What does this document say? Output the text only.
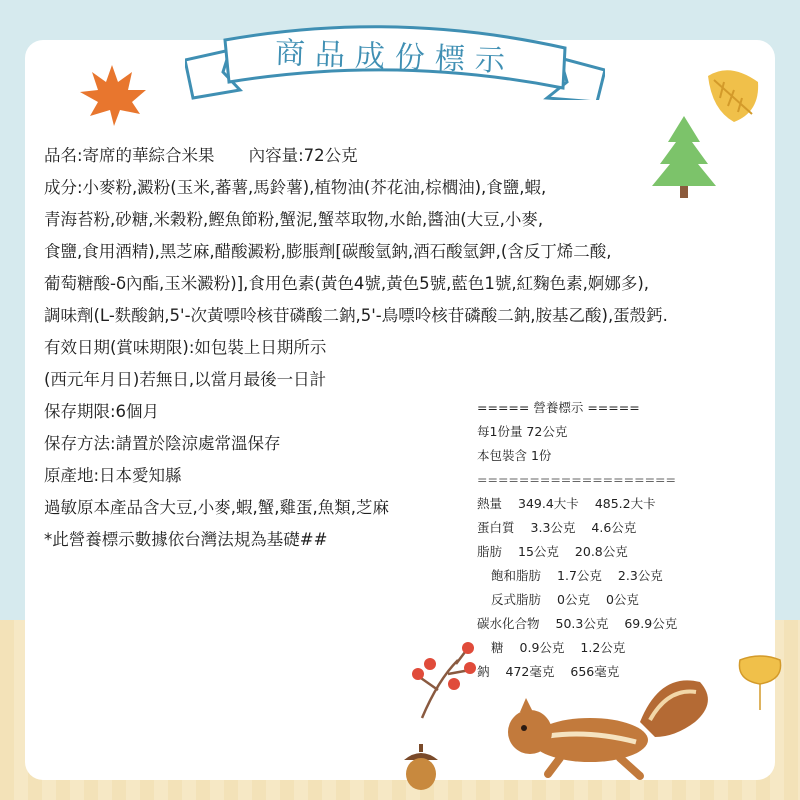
商品成份標示
品名:寄席的華綜合米果 內容量:72公克
成分:小麥粉,澱粉(玉米,蕃薯,馬鈴薯),植物油(芥花油,棕櫚油),食鹽,蝦,
青海苔粉,砂糖,米穀粉,鰹魚節粉,蟹泥,蟹萃取物,水飴,醬油(大豆,小麥,
食鹽,食用酒精),黑芝麻,醋酸澱粉,膨脹劑[碳酸氫鈉,酒石酸氫鉀,(含反丁烯二酸,
葡萄糖酸-δ內酯,玉米澱粉)],食用色素(黃色4號,黃色5號,藍色1號,紅麴色素,婀娜多),
調味劑(L-麩酸鈉,5'-次黃嘌呤核苷磷酸二鈉,5'-鳥嘌呤核苷磷酸二鈉,胺基乙酸),蛋殼鈣.
有效日期(賞味期限):如包裝上日期所示
(西元年月日)若無日,以當月最後一日計
保存期限:6個月
保存方法:請置於陰涼處常溫保存
原產地:日本愛知縣
過敏原本產品含大豆,小麥,蝦,蟹,雞蛋,魚類,芝麻
*此營養標示數據依台灣法規為基礎##
===== 營養標示 =====
每1份量 72公克
本包裝含 1份
===================
熱量 349.4大卡 485.2大卡
蛋白質 3.3公克 4.6公克
脂肪 15公克 20.8公克
飽和脂肪 1.7公克 2.3公克
反式脂肪 0公克 0公克
碳水化合物 50.3公克 69.9公克
糖 0.9公克 1.2公克
鈉 472毫克 656毫克
